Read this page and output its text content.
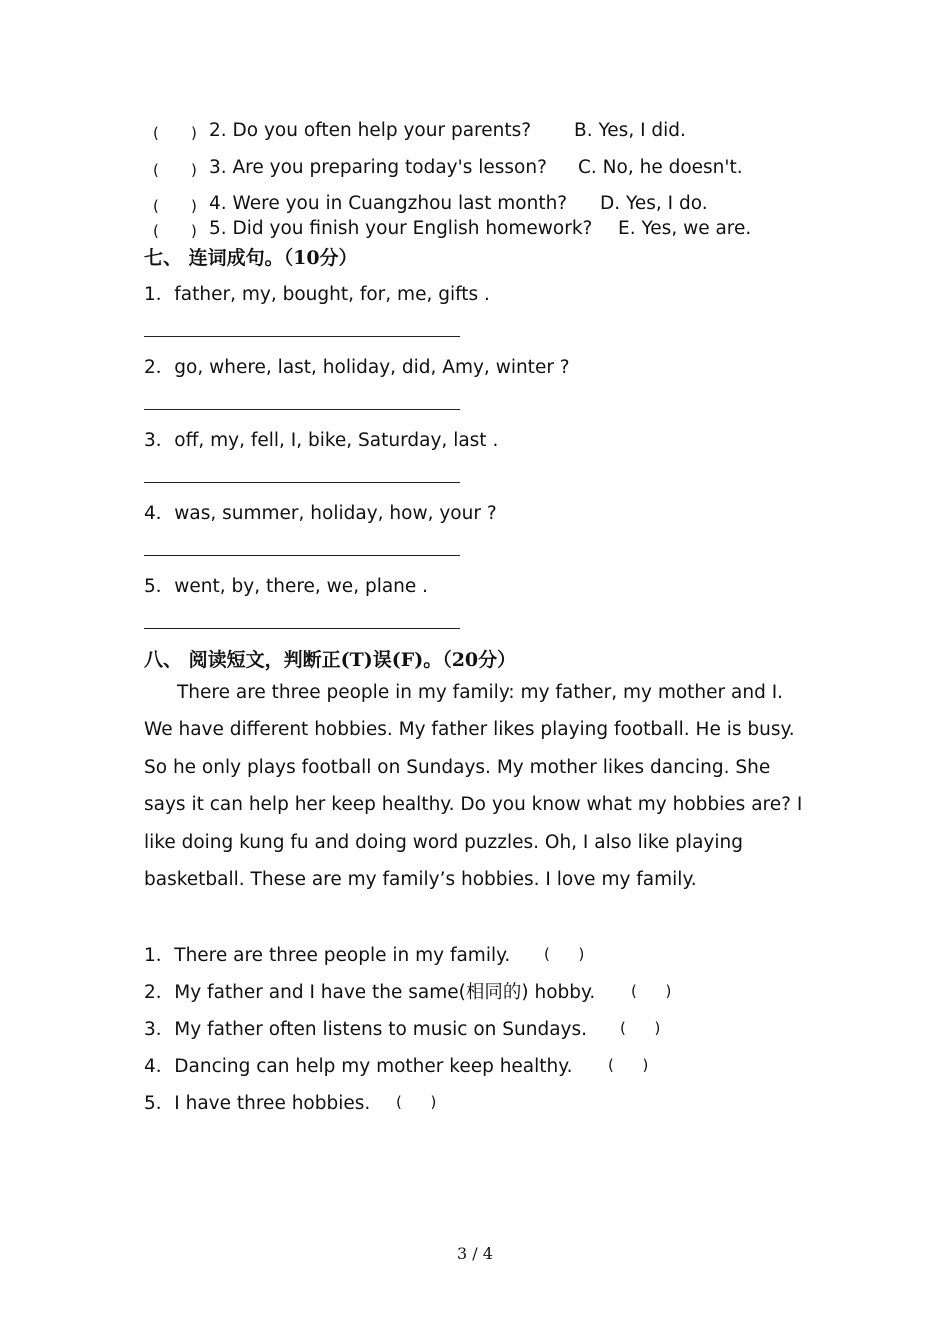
( ) 2. Do you often help your parents? B. Yes, I did.
( ) 3. Are you preparing today's lesson? C. No, he doesn't.
( ) 4. Were you in Cuangzhou last month? D. Yes, I do.
( ) 5. Did you finish your English homework? E. Yes, we are.
七、 连词成句。（10分）
1．father, my, bought, for, me, gifts .
2．go, where, last, holiday, did, Amy, winter ?
3．off, my, fell, I, bike, Saturday, last .
4．was, summer, holiday, how, your ?
5．went, by, there, we, plane .
八、 阅读短文，判断正(T)误(F)。（20分）
There are three people in my family: my father, my mother and I. We have different hobbies. My father likes playing football. He is busy. So he only plays football on Sundays. My mother likes dancing. She says it can help her keep healthy. Do you know what my hobbies are? I like doing kung fu and doing word puzzles. Oh, I also like playing basketball. These are my family’s hobbies. I love my family.
1．There are three people in my family. (      )
2．My father and I have the same(相同的) hobby. (      )
3．My father often listens to music on Sundays. (      )
4．Dancing can help my mother keep healthy. (      )
5．I have three hobbies. (      )
3 / 4
